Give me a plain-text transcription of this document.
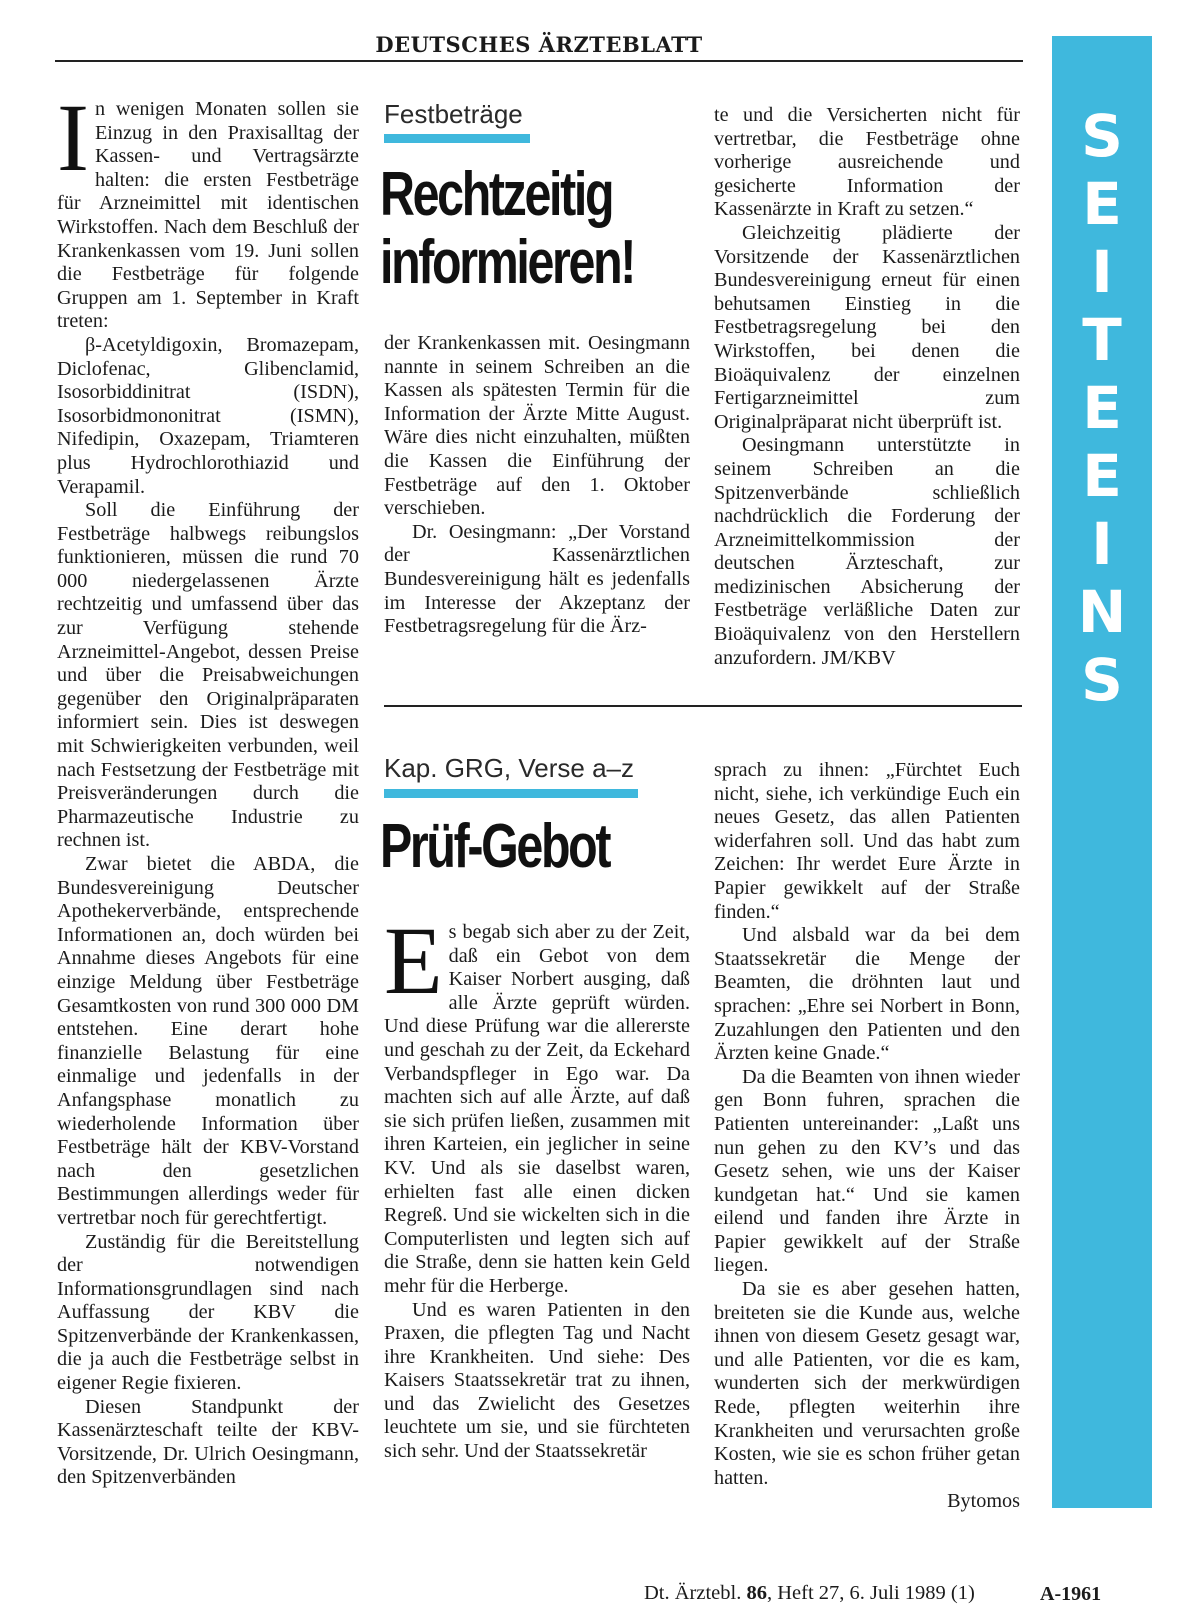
DEUTSCHES ÄRZTEBLATT
S
E
I
T
E
E
I
N
S
I n wenigen Monaten sollen sie Einzug in den Praxisalltag der Kassen- und Vertragsärzte halten: die ersten Festbeträge für Arzneimittel mit identischen Wirkstoffen. Nach dem Beschluß der Krankenkassen vom 19. Juni sollen die Festbeträge für folgende Gruppen am 1. September in Kraft treten:

β-Acetyldigoxin, Bromazepam, Diclofenac, Glibenclamid, Isosorbiddinitrat (ISDN), Isosorbidmononitrat (ISMN), Nifedipin, Oxazepam, Triamteren plus Hydrochlorothiazid und Verapamil.

Soll die Einführung der Festbeträge halbwegs reibungslos funktionieren, müssen die rund 70 000 niedergelassenen Ärzte rechtzeitig und umfassend über das zur Verfügung stehende Arzneimittel-Angebot, dessen Preise und über die Preisabweichungen gegenüber den Originalpräparaten informiert sein. Dies ist deswegen mit Schwierigkeiten verbunden, weil nach Festsetzung der Festbeträge mit Preisveränderungen durch die Pharmazeutische Industrie zu rechnen ist.

Zwar bietet die ABDA, die Bundesvereinigung Deutscher Apothekerverbände, entsprechende Informationen an, doch würden bei Annahme dieses Angebots für eine einzige Meldung über Festbeträge Gesamtkosten von rund 300 000 DM entstehen. Eine derart hohe finanzielle Belastung für eine einmalige und jedenfalls in der Anfangsphase monatlich zu wiederholende Information über Festbeträge hält der KBV-Vorstand nach den gesetzlichen Bestimmungen allerdings weder für vertretbar noch für gerechtfertigt.

Zuständig für die Bereitstellung der notwendigen Informationsgrundlagen sind nach Auffassung der KBV die Spitzenverbände der Krankenkassen, die ja auch die Festbeträge selbst in eigener Regie fixieren.

Diesen Standpunkt der Kassenärzteschaft teilte der KBV-Vorsitzende, Dr. Ulrich Oesingmann, den Spitzenverbänden

Festbeträge
Rechtzeitig
informieren!

der Krankenkassen mit. Oesingmann nannte in seinem Schreiben an die Kassen als spätesten Termin für die Information der Ärzte Mitte August. Wäre dies nicht einzuhalten, müßten die Kassen die Einführung der Festbeträge auf den 1. Oktober verschieben.

Dr. Oesingmann: „Der Vorstand der Kassenärztlichen Bundesvereinigung hält es jedenfalls im Interesse der Akzeptanz der Festbetragsregelung für die Ärz-

te und die Versicherten nicht für vertretbar, die Festbeträge ohne vorherige ausreichende und gesicherte Information der Kassenärzte in Kraft zu setzen.“

Gleichzeitig plädierte der Vorsitzende der Kassenärztlichen Bundesvereinigung erneut für einen behutsamen Einstieg in die Festbetragsregelung bei den Wirkstoffen, bei denen die Bioäquivalenz der einzelnen Fertigarzneimittel zum Originalpräparat nicht überprüft ist.

Oesingmann unterstützte in seinem Schreiben an die Spitzenverbände schließlich nachdrücklich die Forderung der Arzneimittelkommission der deutschen Ärzteschaft, zur medizinischen Absicherung der Festbeträge verläßliche Daten zur Bioäquivalenz von den Herstellern anzufordern. JM/KBV

Kap. GRG, Verse a–z
Prüf-Gebot
E s begab sich aber zu der Zeit, daß ein Gebot von dem Kaiser Norbert ausging, daß alle Ärzte geprüft würden. Und diese Prüfung war die allererste und geschah zu der Zeit, da Eckehard Verbandspfleger in Ego war. Da machten sich auf alle Ärzte, auf daß sie sich prüfen ließen, zusammen mit ihren Karteien, ein jeglicher in seine KV. Und als sie daselbst waren, erhielten fast alle einen dicken Regreß. Und sie wickelten sich in die Computerlisten und legten sich auf die Straße, denn sie hatten kein Geld mehr für die Herberge.

Und es waren Patienten in den Praxen, die pflegten Tag und Nacht ihre Krankheiten. Und siehe: Des Kaisers Staatssekretär trat zu ihnen, und das Zwielicht des Gesetzes leuchtete um sie, und sie fürchteten sich sehr. Und der Staatssekretär

sprach zu ihnen: „Fürchtet Euch nicht, siehe, ich verkündige Euch ein neues Gesetz, das allen Patienten widerfahren soll. Und das habt zum Zeichen: Ihr werdet Eure Ärzte in Papier gewikkelt auf der Straße finden.“

Und alsbald war da bei dem Staatssekretär die Menge der Beamten, die dröhnten laut und sprachen: „Ehre sei Norbert in Bonn, Zuzahlungen den Patienten und den Ärzten keine Gnade.“

Da die Beamten von ihnen wieder gen Bonn fuhren, sprachen die Patienten untereinander: „Laßt uns nun gehen zu den KV’s und das Gesetz sehen, wie uns der Kaiser kundgetan hat.“ Und sie kamen eilend und fanden ihre Ärzte in Papier gewikkelt auf der Straße liegen.

Da sie es aber gesehen hatten, breiteten sie die Kunde aus, welche ihnen von diesem Gesetz gesagt war, und alle Patienten, vor die es kam, wunderten sich der merkwürdigen Rede, pflegten weiterhin ihre Krankheiten und verursachten große Kosten, wie sie es schon früher getan hatten.

Bytomos

Dt. Ärztebl. 86, Heft 27, 6. Juli 1989 (1)	A-1961
